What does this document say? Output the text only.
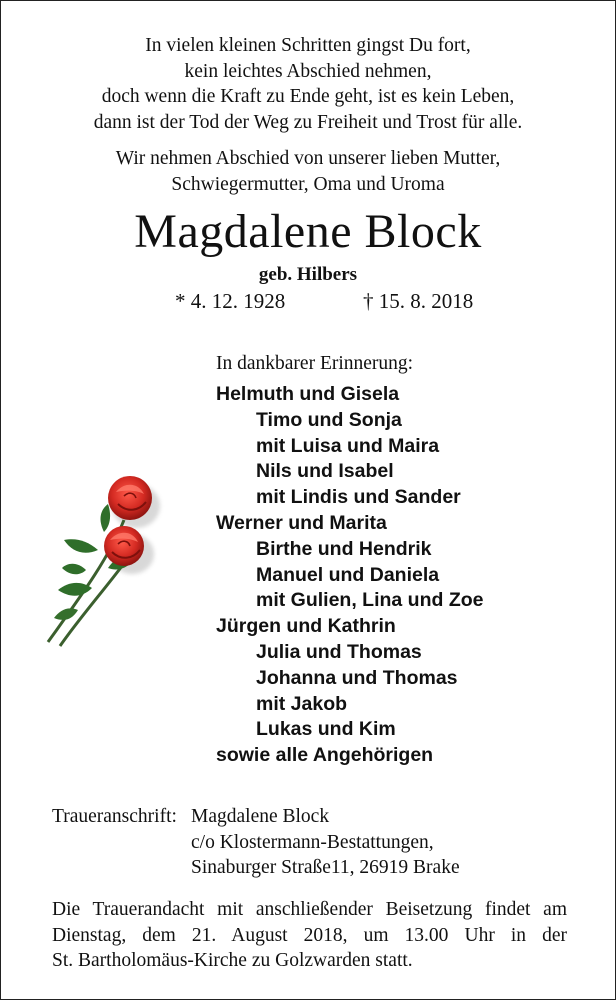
In vielen kleinen Schritten gingst Du fort,
kein leichtes Abschied nehmen,
doch wenn die Kraft zu Ende geht, ist es kein Leben,
dann ist der Tod der Weg zu Freiheit und Trost für alle.
Wir nehmen Abschied von unserer lieben Mutter,
Schwiegermutter, Oma und Uroma
Magdalene Block
geb. Hilbers
* 4. 12. 1928	† 15. 8. 2018
In dankbarer Erinnerung:
Helmuth und Gisela
Timo und Sonja
mit Luisa und Maira
Nils und Isabel
mit Lindis und Sander
Werner und Marita
Birthe und Hendrik
Manuel und Daniela
mit Gulien, Lina und Zoe
Jürgen und Kathrin
Julia und Thomas
Johanna und Thomas
mit Jakob
Lukas und Kim
sowie alle Angehörigen
Traueranschrift: Magdalene Block
c/o Klostermann-Bestattungen,
Sinaburger Straße11, 26919 Brake
Die Trauerandacht mit anschließender Beisetzung findet am
Dienstag, dem 21. August 2018, um 13.00 Uhr in der
St. Bartholomäus-Kirche zu Golzwarden statt.
